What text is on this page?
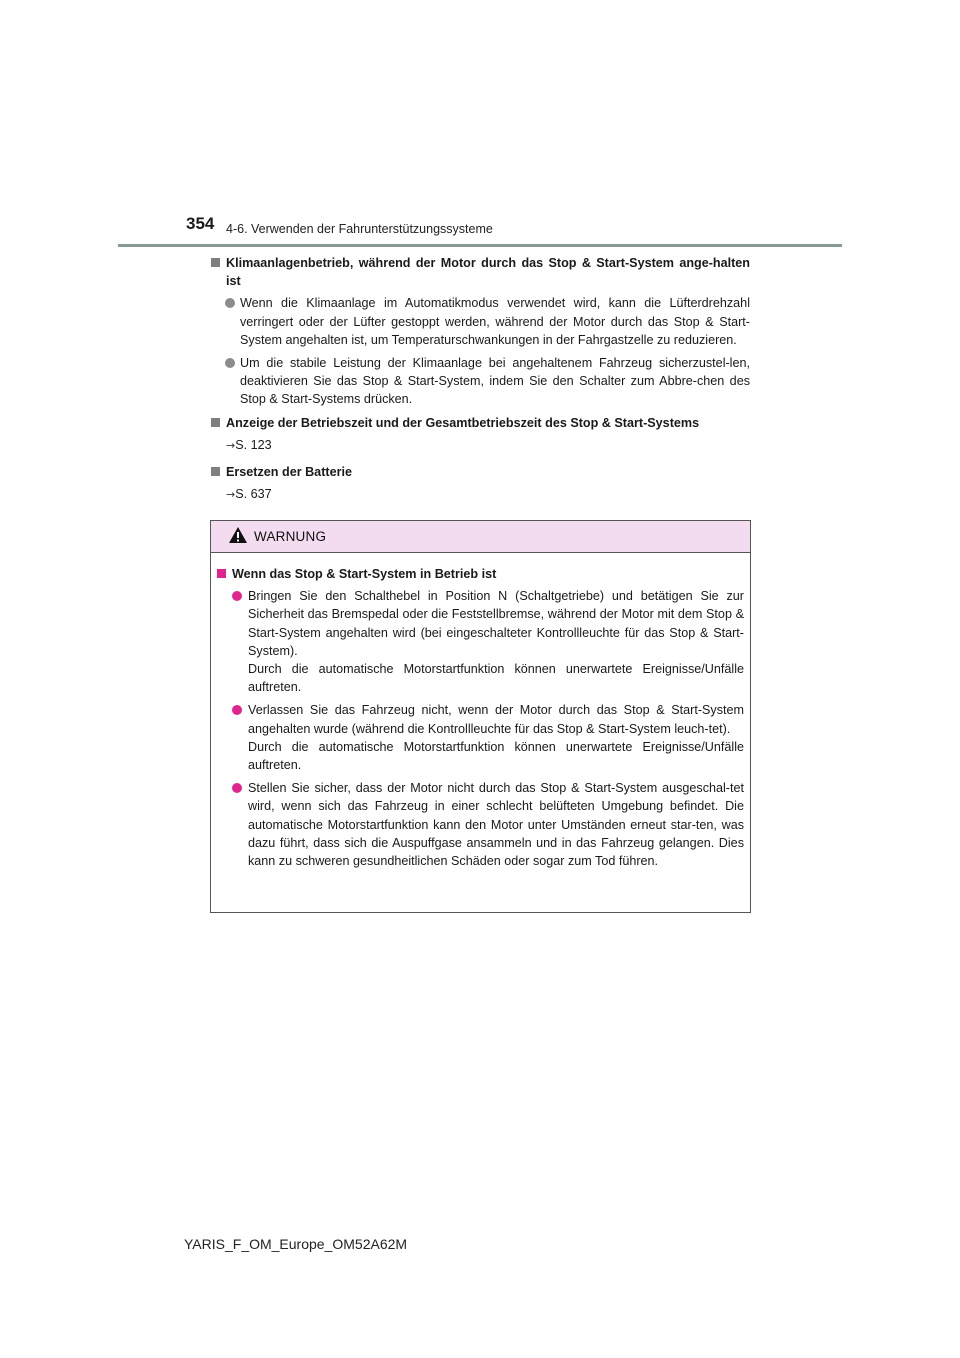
354 4-6. Verwenden der Fahrunterstützungssysteme
Klimaanlagenbetrieb, während der Motor durch das Stop & Start-System ange-halten ist
Wenn die Klimaanlage im Automatikmodus verwendet wird, kann die Lüfterdrehzahl verringert oder der Lüfter gestoppt werden, während der Motor durch das Stop & Start-System angehalten ist, um Temperaturschwankungen in der Fahrgastzelle zu reduzieren.
Um die stabile Leistung der Klimaanlage bei angehaltenem Fahrzeug sicherzustel-len, deaktivieren Sie das Stop & Start-System, indem Sie den Schalter zum Abbre-chen des Stop & Start-Systems drücken.
Anzeige der Betriebszeit und der Gesamtbetriebszeit des Stop & Start-Systems
→S. 123
Ersetzen der Batterie
→S. 637
WARNUNG
Wenn das Stop & Start-System in Betrieb ist
Bringen Sie den Schalthebel in Position N (Schaltgetriebe) und betätigen Sie zur Sicherheit das Bremspedal oder die Feststellbremse, während der Motor mit dem Stop & Start-System angehalten wird (bei eingeschalteter Kontrollleuchte für das Stop & Start-System).
Durch die automatische Motorstartfunktion können unerwartete Ereignisse/Unfälle auftreten.
Verlassen Sie das Fahrzeug nicht, wenn der Motor durch das Stop & Start-System angehalten wurde (während die Kontrollleuchte für das Stop & Start-System leuch-tet).
Durch die automatische Motorstartfunktion können unerwartete Ereignisse/Unfälle auftreten.
Stellen Sie sicher, dass der Motor nicht durch das Stop & Start-System ausgeschal-tet wird, wenn sich das Fahrzeug in einer schlecht belüfteten Umgebung befindet. Die automatische Motorstartfunktion kann den Motor unter Umständen erneut star-ten, was dazu führt, dass sich die Auspuffgase ansammeln und in das Fahrzeug gelangen. Dies kann zu schweren gesundheitlichen Schäden oder sogar zum Tod führen.
YARIS_F_OM_Europe_OM52A62M
